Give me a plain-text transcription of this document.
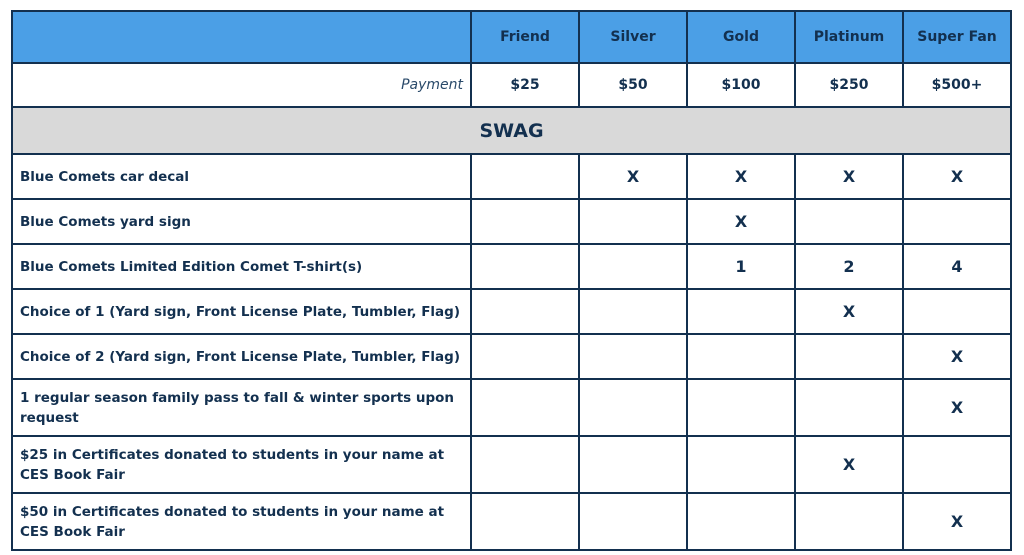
	Friend	Silver	Gold	Platinum	Super Fan
Payment	$25	$50	$100	$250	$500+
SWAG					
Blue Comets car decal		X	X	X	X
Blue Comets yard sign			X		
Blue Comets Limited Edition Comet T-shirt(s)			1	2	4
Choice of 1 (Yard sign, Front License Plate, Tumbler, Flag)				X	
Choice of 2 (Yard sign, Front License Plate, Tumbler, Flag)					X
1 regular season family pass to fall & winter sports upon request					X
$25 in Certificates donated to students in your name at CES Book Fair				X	
$50 in Certificates donated to students in your name at CES Book Fair					X
